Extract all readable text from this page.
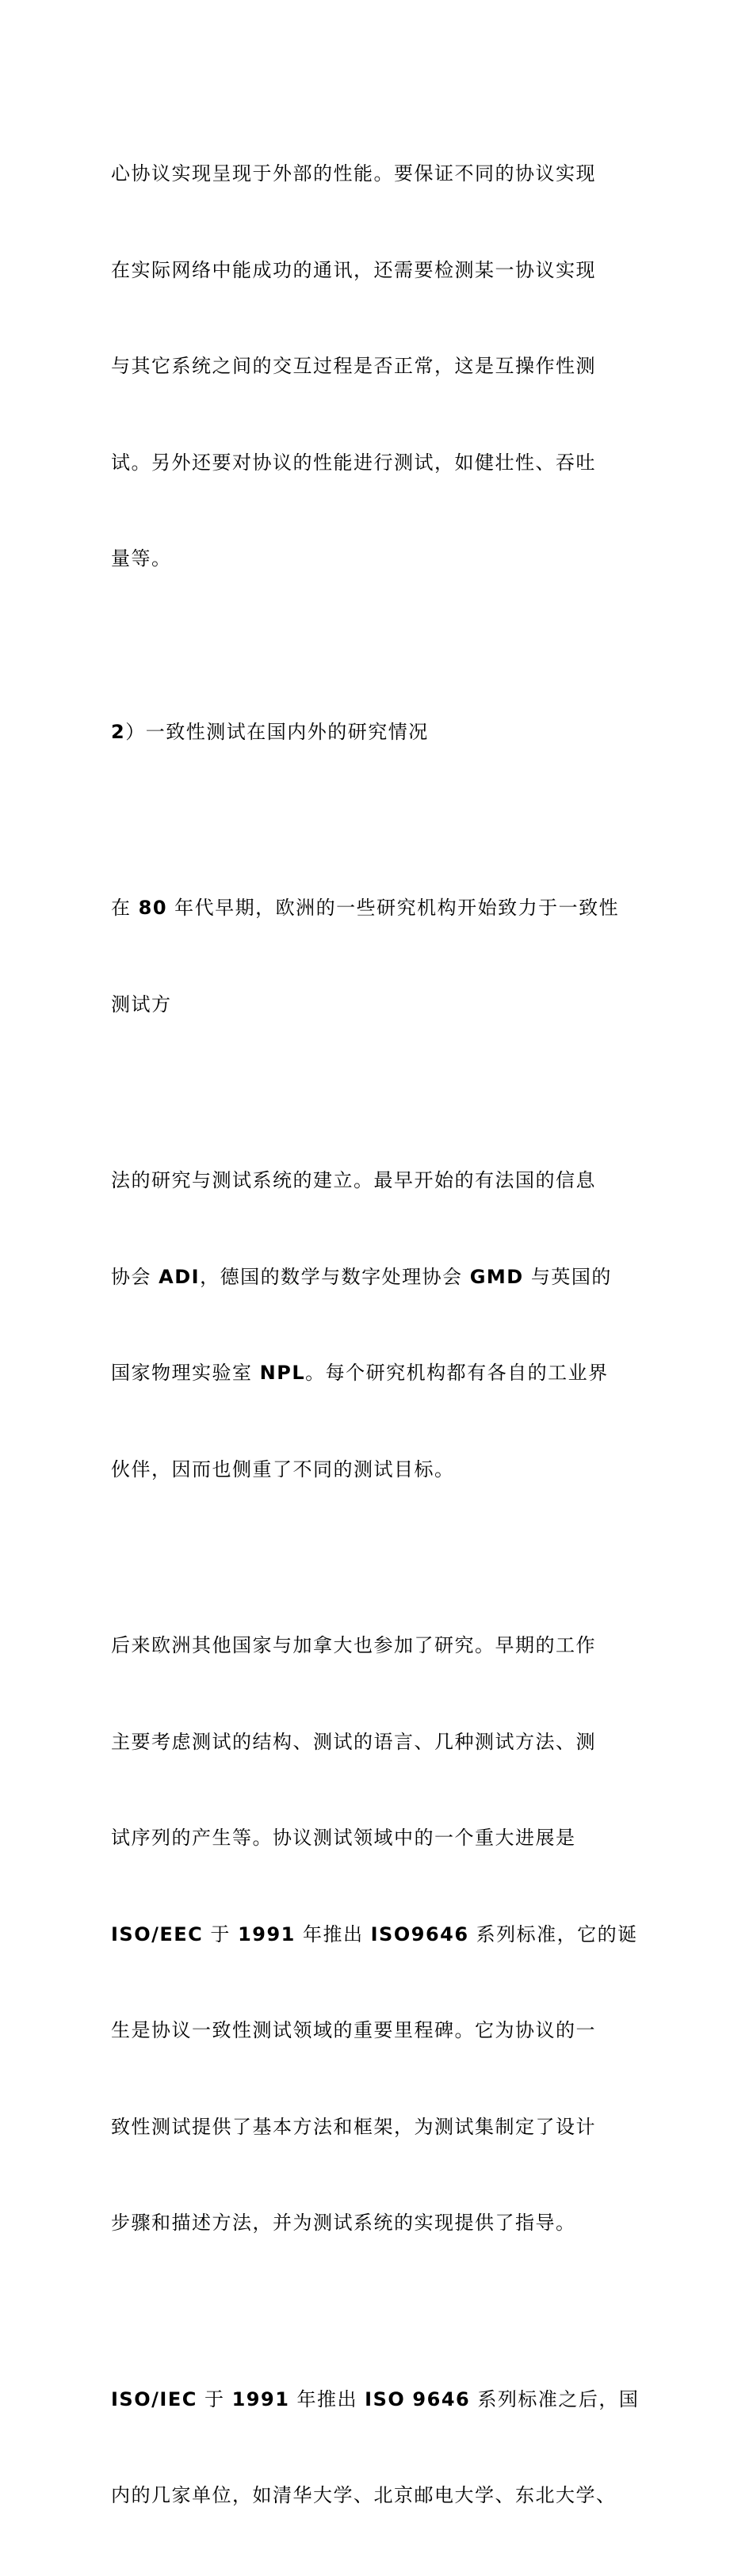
心协议实现呈现于外部的性能。要保证不同的协议实现

在实际网络中能成功的通讯，还需要检测某一协议实现

与其它系统之间的交互过程是否正常，这是互操作性测

试。另外还要对协议的性能进行测试，如健壮性、吞吐

量等。

2）一致性测试在国内外的研究情况

在 80 年代早期，欧洲的一些研究机构开始致力于一致性

测试方

法的研究与测试系统的建立。最早开始的有法国的信息

协会 ADI，德国的数学与数字处理协会 GMD 与英国的

国家物理实验室 NPL。每个研究机构都有各自的工业界

伙伴，因而也侧重了不同的测试目标。

后来欧洲其他国家与加拿大也参加了研究。早期的工作

主要考虑测试的结构、测试的语言、几种测试方法、测

试序列的产生等。协议测试领域中的一个重大进展是

ISO/EEC 于 1991 年推出 ISO9646 系列标准，它的诞

生是协议一致性测试领域的重要里程碑。它为协议的一

致性测试提供了基本方法和框架，为测试集制定了设计

步骤和描述方法，并为测试系统的实现提供了指导。

ISO/IEC 于 1991 年推出 ISO 9646 系列标准之后，国

内的几家单位，如清华大学、北京邮电大学、东北大学、
